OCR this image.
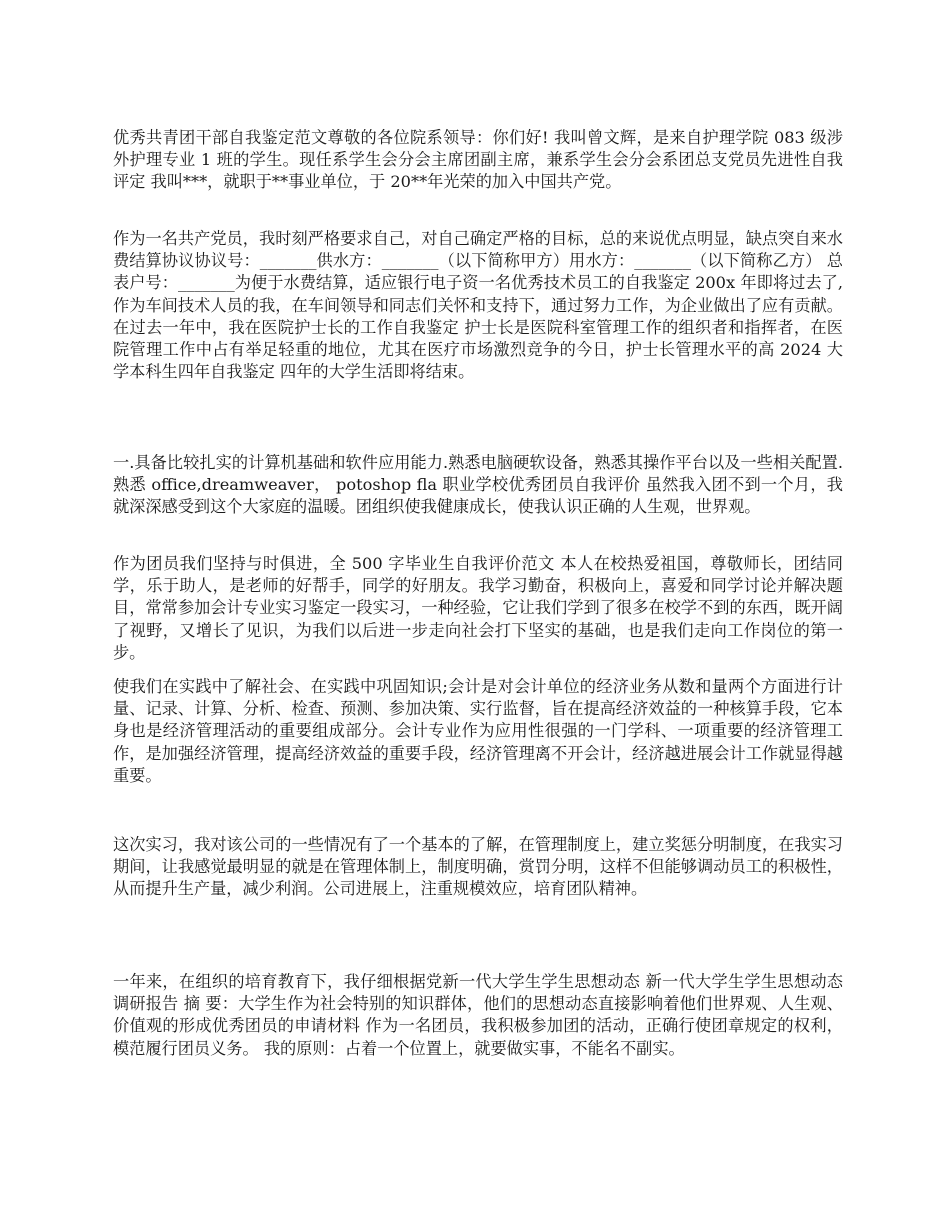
优秀共青团干部自我鉴定范文尊敬的各位院系领导：你们好! 我叫曾文辉，是来自护理学院 083 级涉外护理专业 1 班的学生。现任系学生会分会主席团副主席，兼系学生会分会系团总支党员先进性自我评定 我叫***，就职于**事业单位，于 20**年光荣的加入中国共产党。

作为一名共产党员，我时刻严格要求自己，对自己确定严格的目标，总的来说优点明显，缺点突自来水费结算协议协议号：_______供水方：_______（以下简称甲方）用水方：_______（以下简称乙方） 总表户号：_______为便于水费结算，适应银行电子资一名优秀技术员工的自我鉴定 200x 年即将过去了,作为车间技术人员的我，在车间领导和同志们关怀和支持下，通过努力工作，为企业做出了应有贡献。在过去一年中，我在医院护士长的工作自我鉴定 护士长是医院科室管理工作的组织者和指挥者，在医院管理工作中占有举足轻重的地位，尤其在医疗市场激烈竞争的今日，护士长管理水平的高 2024 大学本科生四年自我鉴定 四年的大学生活即将结束。

一.具备比较扎实的计算机基础和软件应用能力.熟悉电脑硬软设备，熟悉其操作平台以及一些相关配置.熟悉 office,dreamweaver， potoshop fla 职业学校优秀团员自我评价 虽然我入团不到一个月，我就深深感受到这个大家庭的温暖。团组织使我健康成长，使我认识正确的人生观，世界观。

作为团员我们坚持与时俱进，全 500 字毕业生自我评价范文 本人在校热爱祖国，尊敬师长，团结同学，乐于助人，是老师的好帮手，同学的好朋友。我学习勤奋，积极向上，喜爱和同学讨论并解决题目，常常参加会计专业实习鉴定一段实习，一种经验，它让我们学到了很多在校学不到的东西，既开阔了视野，又增长了见识，为我们以后进一步走向社会打下坚实的基础，也是我们走向工作岗位的第一步。

使我们在实践中了解社会、在实践中巩固知识;会计是对会计单位的经济业务从数和量两个方面进行计量、记录、计算、分析、检查、预测、参加决策、实行监督，旨在提高经济效益的一种核算手段，它本身也是经济管理活动的重要组成部分。会计专业作为应用性很强的一门学科、一项重要的经济管理工作，是加强经济管理，提高经济效益的重要手段，经济管理离不开会计，经济越进展会计工作就显得越重要。

这次实习，我对该公司的一些情况有了一个基本的了解，在管理制度上，建立奖惩分明制度，在我实习期间，让我感觉最明显的就是在管理体制上，制度明确，赏罚分明，这样不但能够调动员工的积极性，从而提升生产量，减少利润。公司进展上，注重规模效应，培育团队精神。

一年来，在组织的培育教育下，我仔细根据党新一代大学生学生思想动态 新一代大学生学生思想动态调研报告 摘 要：大学生作为社会特别的知识群体，他们的思想动态直接影响着他们世界观、人生观、价值观的形成优秀团员的申请材料 作为一名团员，我积极参加团的活动，正确行使团章规定的权利，模范履行团员义务。 我的原则：占着一个位置上，就要做实事，不能名不副实。
